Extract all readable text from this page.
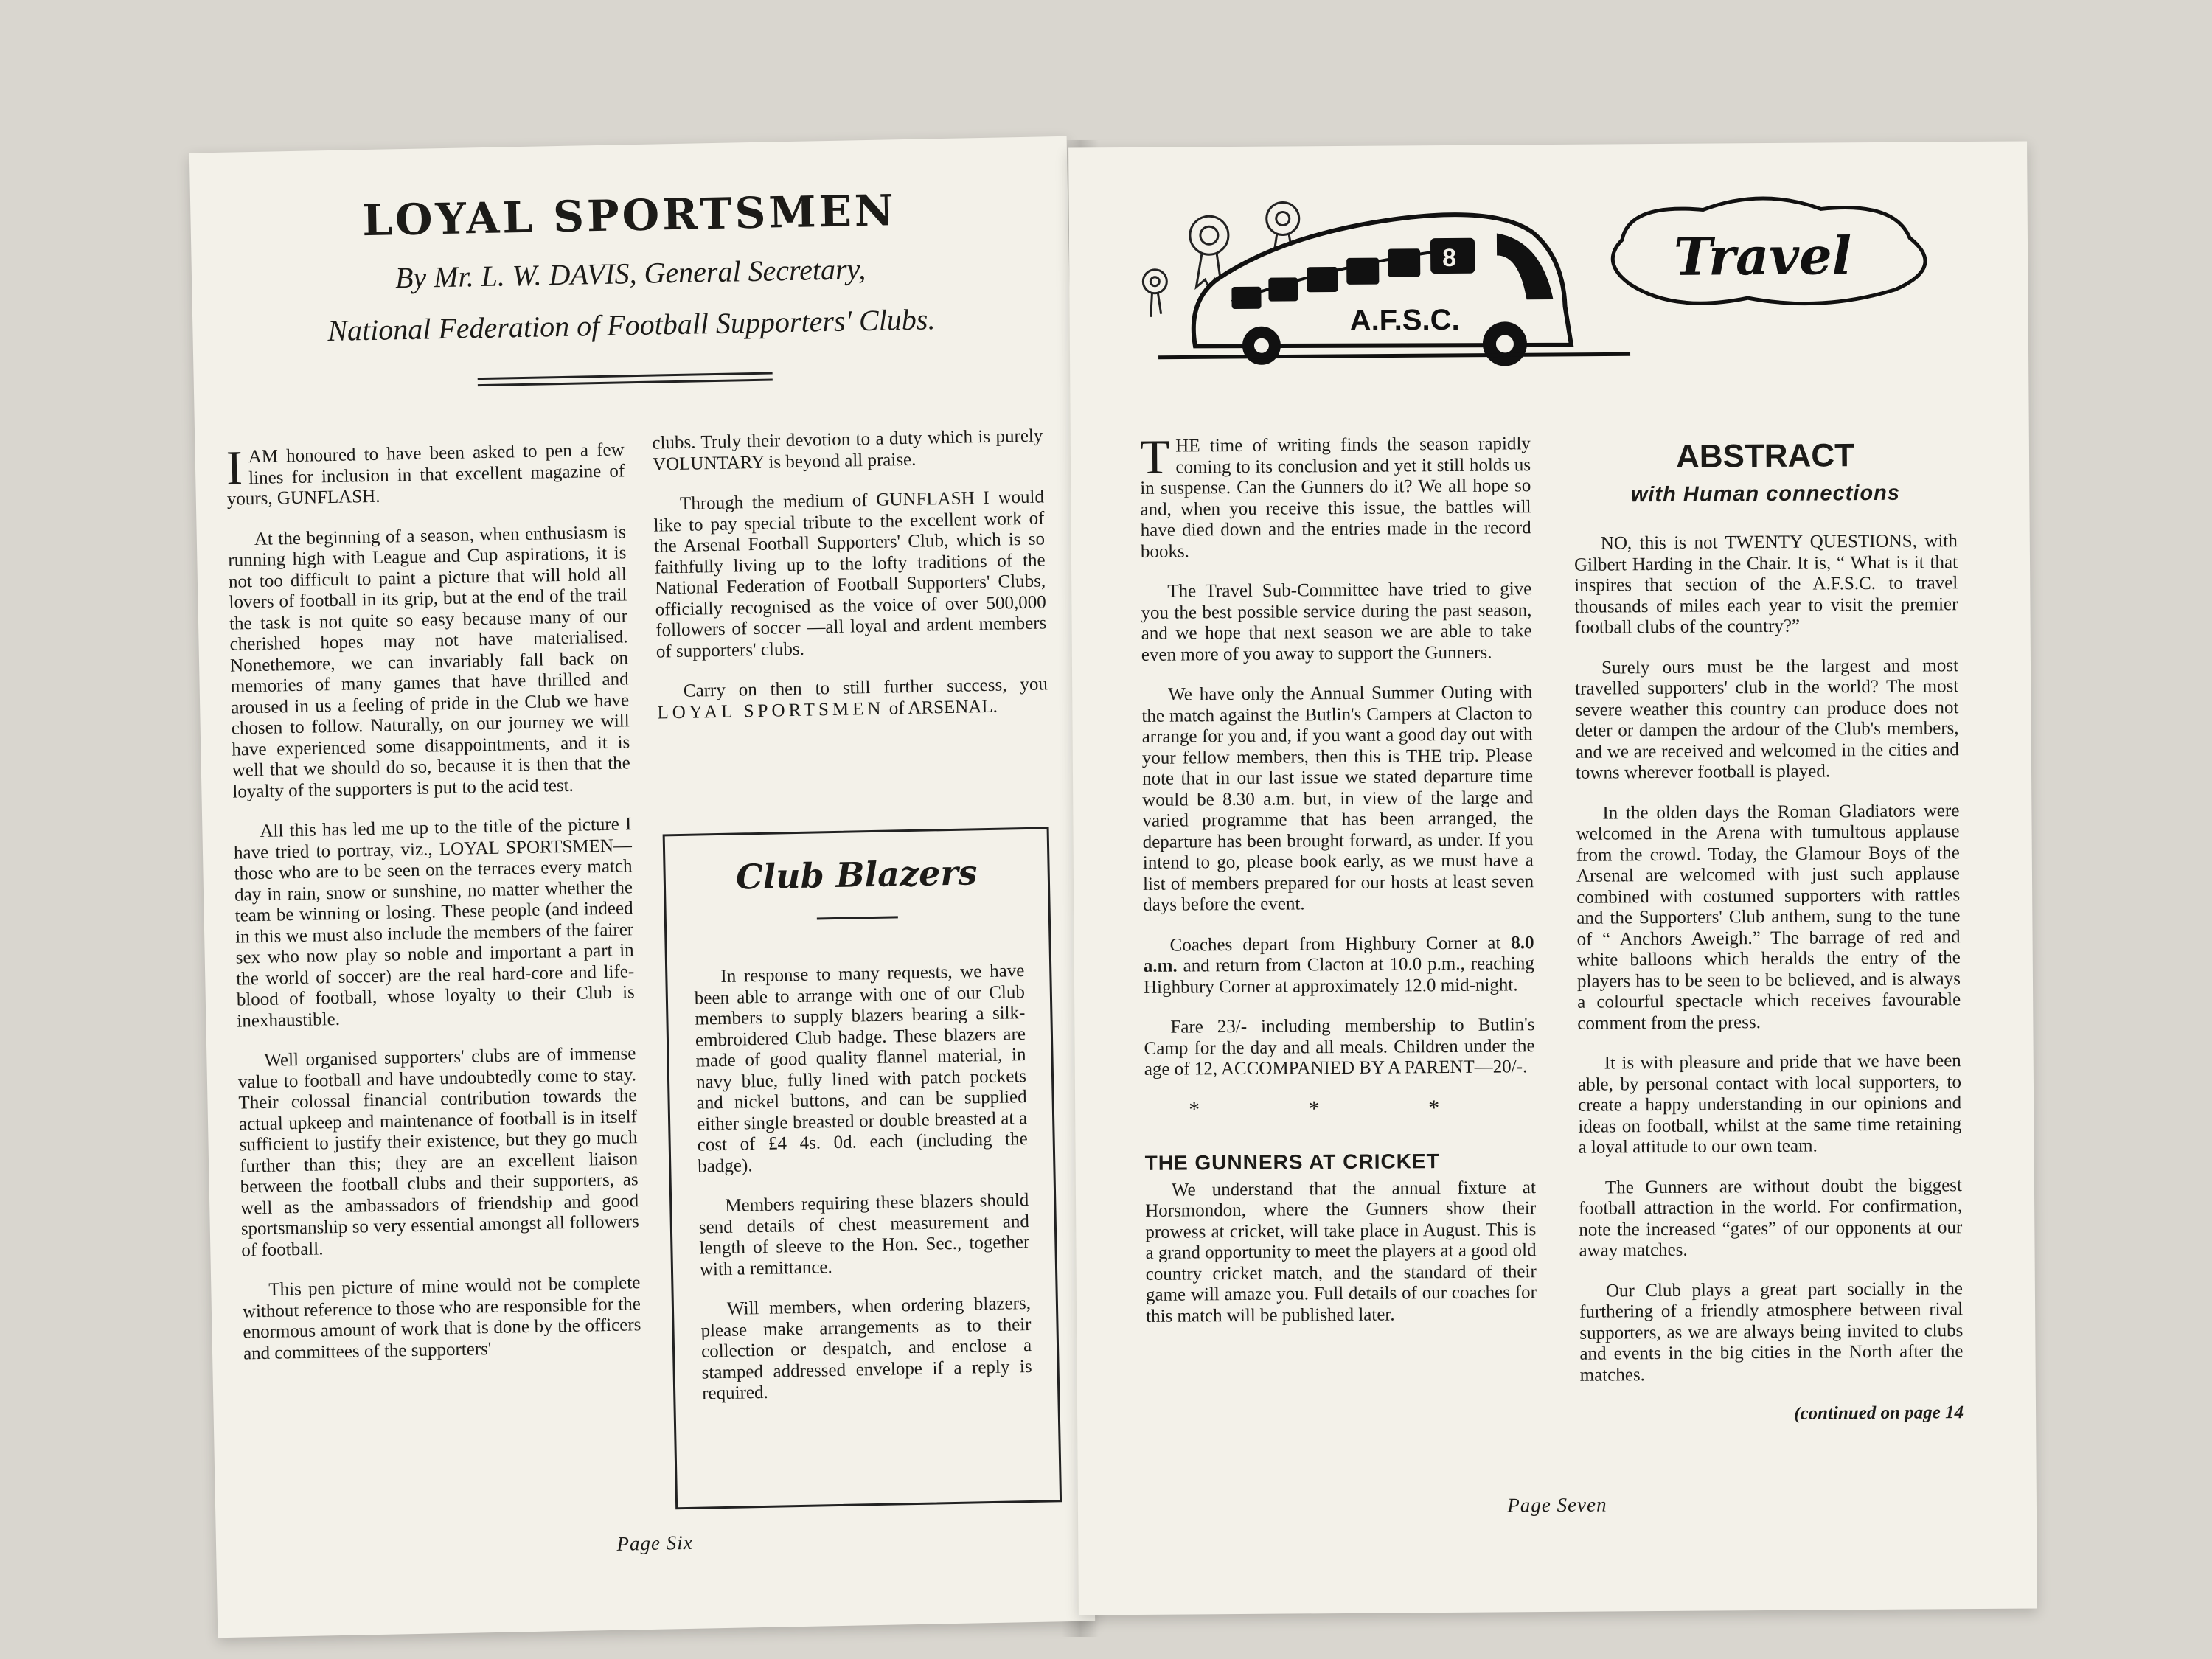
LOYAL SPORTSMEN
By Mr. L. W. DAVIS, General Secretary,
National Federation of Football Supporters' Clubs.

IAM honoured to have been asked to pen a few lines for inclusion in that excellent magazine of yours, GUNFLASH.

At the beginning of a season, when enthusiasm is running high with League and Cup aspirations, it is not too difficult to paint a picture that will hold all lovers of football in its grip, but at the end of the trail the task is not quite so easy because many of our cherished hopes may not have materialised. Nonethemore, we can invariably fall back on memories of many games that have thrilled and aroused in us a feeling of pride in the Club we have chosen to follow. Naturally, on our journey we will have experienced some disappointments, and it is well that we should do so, because it is then that the loyalty of the supporters is put to the acid test.

All this has led me up to the title of the picture I have tried to portray, viz., LOYAL SPORTSMEN—those who are to be seen on the terraces every match day in rain, snow or sunshine, no matter whether the team be winning or losing. These people (and indeed in this we must also include the members of the fairer sex who now play so noble and important a part in the world of soccer) are the real hard-core and life-blood of football, whose loyalty to their Club is inexhaustible.

Well organised supporters' clubs are of immense value to football and have undoubtedly come to stay. Their colossal financial contribution towards the actual upkeep and maintenance of football is in itself sufficient to justify their existence, but they go much further than this; they are an excellent liaison between the football clubs and their supporters, as well as the ambassadors of friendship and good sportsmanship so very essential amongst all followers of football.

This pen picture of mine would not be complete without reference to those who are responsible for the enormous amount of work that is done by the officers and committees of the supporters'

clubs. Truly their devotion to a duty which is purely VOLUNTARY is beyond all praise.

Through the medium of GUNFLASH I would like to pay special tribute to the excellent work of the Arsenal Football Supporters' Club, which is so faithfully living up to the lofty traditions of the National Federation of Football Supporters' Clubs, officially recognised as the voice of over 500,000 followers of soccer —all loyal and ardent members of supporters' clubs.

Carry on then to still further success, you LOYAL SPORTSMEN of ARSENAL.

Club Blazers

In response to many requests, we have been able to arrange with one of our Club members to supply blazers bearing a silk-embroidered Club badge. These blazers are made of good quality flannel material, in navy blue, fully lined with patch pockets and nickel buttons, and can be supplied either single breasted or double breasted at a cost of £4 4s. 0d. each (including the badge).

Members requiring these blazers should send details of chest measurement and length of sleeve to the Hon. Sec., together with a remittance.

Will members, when ordering blazers, please make arrangements as to their collection or despatch, and enclose a stamped addressed envelope if a reply is required.

Page Six
A.F.S.C.
8	Travel

THE time of writing finds the season rapidly coming to its conclusion and yet it still holds us in suspense. Can the Gunners do it? We all hope so and, when you receive this issue, the battles will have died down and the entries made in the record books.

The Travel Sub-Committee have tried to give you the best possible service during the past season, and we hope that next season we are able to take even more of you away to support the Gunners.

We have only the Annual Summer Outing with the match against the Butlin's Campers at Clacton to arrange for you and, if you want a good day out with your fellow members, then this is THE trip. Please note that in our last issue we stated departure time would be 8.30 a.m. but, in view of the large and varied programme that has been arranged, the departure has been brought forward, as under. If you intend to go, please book early, as we must have a list of members prepared for our hosts at least seven days before the event.

Coaches depart from Highbury Corner at 8.0 a.m. and return from Clacton at 10.0 p.m., reaching Highbury Corner at approximately 12.0 mid-night.

Fare 23/- including membership to Butlin's Camp for the day and all meals. Children under the age of 12, ACCOMPANIED BY A PARENT—20/-.

* * *
THE GUNNERS AT CRICKET

We understand that the annual fixture at Horsmondon, where the Gunners show their prowess at cricket, will take place in August. This is a grand opportunity to meet the players at a good old country cricket match, and the standard of their game will amaze you. Full details of our coaches for this match will be published later.

ABSTRACT
with Human connections

NO, this is not TWENTY QUESTIONS, with Gilbert Harding in the Chair. It is, “ What is it that inspires that section of the A.F.S.C. to travel thousands of miles each year to visit the premier football clubs of the country?”

Surely ours must be the largest and most travelled supporters' club in the world? The most severe weather this country can produce does not deter or dampen the ardour of the Club's members, and we are received and welcomed in the cities and towns wherever football is played.

In the olden days the Roman Gladiators were welcomed in the Arena with tumultous applause from the crowd. Today, the Glamour Boys of the Arsenal are welcomed with just such applause combined with costumed supporters with rattles and the Supporters' Club anthem, sung to the tune of “ Anchors Aweigh.” The barrage of red and white balloons which heralds the entry of the players has to be seen to be believed, and is always a colourful spectacle which receives favourable comment from the press.

It is with pleasure and pride that we have been able, by personal contact with local supporters, to create a happy understanding in our opinions and ideas on football, whilst at the same time retaining a loyal attitude to our own team.

The Gunners are without doubt the biggest football attraction in the world. For confirmation, note the increased “gates” of our opponents at our away matches.

Our Club plays a great part socially in the furthering of a friendly atmosphere between rival supporters, as we are always being invited to clubs and events in the big cities in the North after the matches.

(continued on page 14
Page Seven
